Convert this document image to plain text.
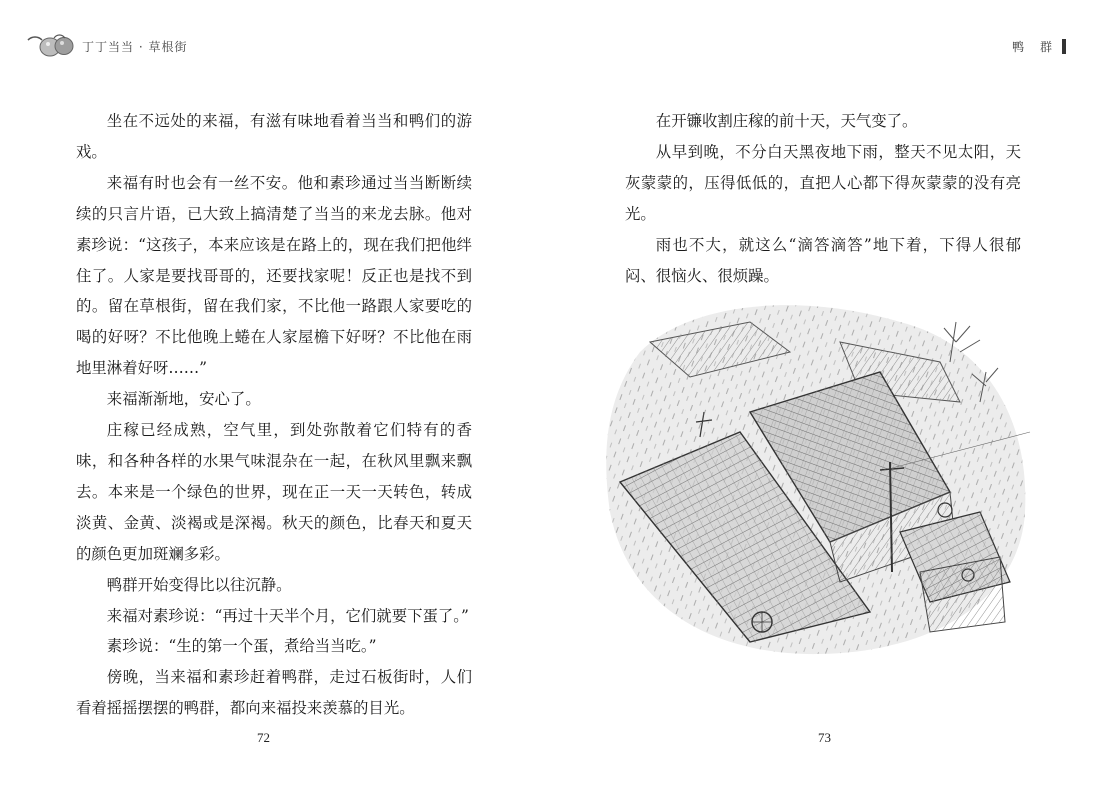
丁丁当当 · 草根街	鸭 群

坐在不远处的来福，有滋有味地看着当当和鸭们的游戏。

来福有时也会有一丝不安。他和素珍通过当当断断续续的只言片语，已大致上搞清楚了当当的来龙去脉。他对素珍说：“这孩子，本来应该是在路上的，现在我们把他绊住了。人家是要找哥哥的，还要找家呢！反正也是找不到的。留在草根街，留在我们家，不比他一路跟人家要吃的喝的好呀？不比他晚上蜷在人家屋檐下好呀？不比他在雨地里淋着好呀……”

来福渐渐地，安心了。

庄稼已经成熟，空气里，到处弥散着它们特有的香味，和各种各样的水果气味混杂在一起，在秋风里飘来飘去。本来是一个绿色的世界，现在正一天一天转色，转成淡黄、金黄、淡褐或是深褐。秋天的颜色，比春天和夏天的颜色更加斑斓多彩。

鸭群开始变得比以往沉静。

来福对素珍说：“再过十天半个月，它们就要下蛋了。”

素珍说：“生的第一个蛋，煮给当当吃。”

傍晚，当来福和素珍赶着鸭群，走过石板街时，人们看着摇摇摆摆的鸭群，都向来福投来羡慕的目光。

在开镰收割庄稼的前十天，天气变了。

从早到晚，不分白天黑夜地下雨，整天不见太阳，天灰蒙蒙的，压得低低的，直把人心都下得灰蒙蒙的没有亮光。

雨也不大，就这么“滴答滴答”地下着，下得人很郁闷、很恼火、很烦躁。

72	73
